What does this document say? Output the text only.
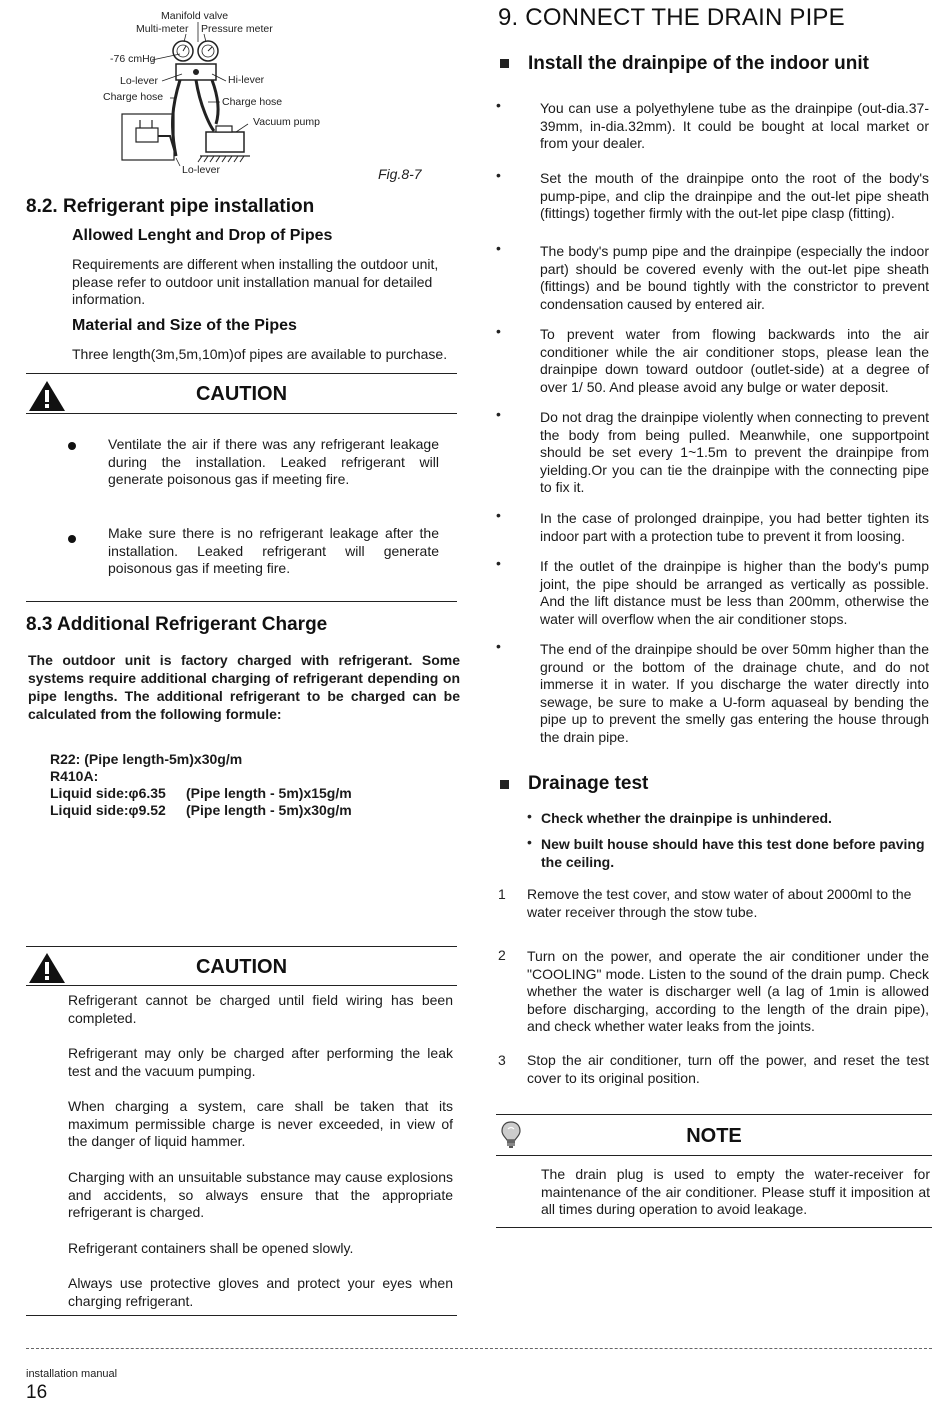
Manifold valve
Multi-meter Pressure meter
-76 cmHg
Lo-lever	Hi-lever
Charge hose	Charge hose
Vacuum pump
Lo-lever	Fig.8-7
8.2. Refrigerant pipe installation
Allowed Lenght and Drop of Pipes

Requirements are different when installing the outdoor unit, please refer to outdoor unit installation manual for detailed information.

Material and Size of the Pipes

Three length(3m,5m,10m)of pipes are available to purchase.

CAUTION

Ventilate the air if there was any refrigerant leakage during the installation. Leaked refrigerant will generate poisonous gas if meeting fire.

Make sure there is no refrigerant leakage after the installation. Leaked refrigerant will generate poisonous gas if meeting fire.

8.3 Additional Refrigerant Charge

The outdoor unit is factory charged with refrigerant. Some systems require additional charging of refrigerant depending on pipe lengths. The additional refrigerant to be charged can be calculated from the following formule:

R22: (Pipe length-5m)x30g/m
R410A:
Liquid side:φ6.35 (Pipe length - 5m)x15g/m
Liquid side:φ9.52 (Pipe length - 5m)x30g/m
CAUTION

Refrigerant cannot be charged until field wiring has been completed.

Refrigerant may only be charged after performing the leak test and the vacuum pumping.

When charging a system, care shall be taken that its maximum permissible charge is never exceeded, in view of the danger of liquid hammer.

Charging with an unsuitable substance may cause explosions and accidents, so always ensure that the appropriate refrigerant is charged.

Refrigerant containers shall be opened slowly.

Always use protective gloves and protect your eyes when charging refrigerant.

9. CONNECT THE DRAIN PIPE
Install the drainpipe of the indoor unit
•	You can use a polyethylene tube as the drainpipe (out-dia.37-39mm, in-dia.32mm). It could be bought at local market or from your dealer.

•	Set the mouth of the drainpipe onto the root of the body's pump-pipe, and clip the drainpipe and the out-let pipe sheath (fittings) together firmly with the out-let pipe clasp (fitting).

•	The body's pump pipe and the drainpipe (especially the indoor part) should be covered evenly with the out-let pipe sheath (fittings) and be bound tightly with the constrictor to prevent condensation caused by entered air.

•	To prevent water from flowing backwards into the air conditioner while the air conditioner stops, please lean the drainpipe down toward outdoor (outlet-side) at a degree of over 1/ 50. And please avoid any bulge or water deposit.

•	Do not drag the drainpipe violently when connecting to prevent the body from being pulled. Meanwhile, one supportpoint should be set every 1~1.5m to prevent the drainpipe from yielding.Or you can tie the drainpipe with the connecting pipe to fix it.

•	In the case of prolonged drainpipe, you had better tighten its indoor part with a protection tube to prevent it from loosing.

•	If the outlet of the drainpipe is higher than the body's pump joint, the pipe should be arranged as vertically as possible. And the lift distance must be less than 200mm, otherwise the water will overflow when the air conditioner stops.

•	The end of the drainpipe should be over 50mm higher than the ground or the bottom of the drainage chute, and do not immerse it in water. If you discharge the water directly into sewage, be sure to make a U-form aquaseal by bending the pipe up to prevent the smelly gas entering the house through the drain pipe.

Drainage test
• Check whether the drainpipe is unhindered.

• New built house should have this test done before paving the ceiling.

1 Remove the test cover, and stow water of about 2000ml to the water receiver through the stow tube.

2 Turn on the power, and operate the air conditioner under the "COOLING" mode. Listen to the sound of the drain pump. Check whether the water is discharger well (a lag of 1min is allowed before discharging, according to the length of the drain pipe), and check whether water leaks from the joints.

3 Stop the air conditioner, turn off the power, and reset the test cover to its original position.

NOTE

The drain plug is used to empty the water-receiver for maintenance of the air conditioner. Please stuff it imposition at all times during operation to avoid leakage.

installation manual
16
